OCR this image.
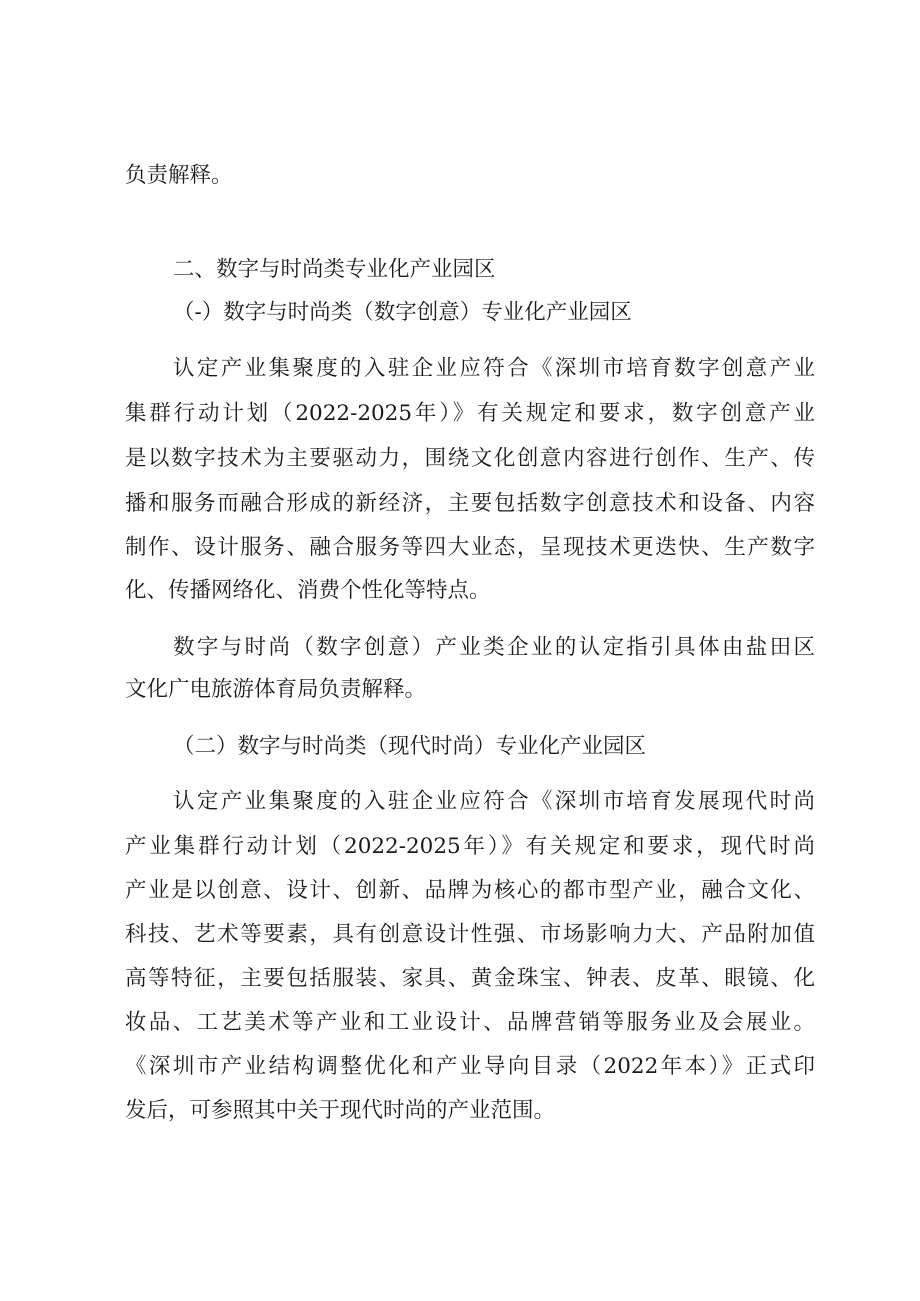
负责解释。
二、数字与时尚类专业化产业园区
（-）数字与时尚类（数字创意）专业化产业园区
认定产业集聚度的入驻企业应符合《深圳市培育数字创意产业
集群行动计划（2022-2025年）》有关规定和要求，数字创意产业
是以数字技术为主要驱动力，围绕文化创意内容进行创作、生产、传
播和服务而融合形成的新经济，主要包括数字创意技术和设备、内容
制作、设计服务、融合服务等四大业态，呈现技术更迭快、生产数字
化、传播网络化、消费个性化等特点。
数字与时尚（数字创意）产业类企业的认定指引具体由盐田区
文化广电旅游体育局负责解释。
（二）数字与时尚类（现代时尚）专业化产业园区
认定产业集聚度的入驻企业应符合《深圳市培育发展现代时尚
产业集群行动计划（2022-2025年）》有关规定和要求，现代时尚
产业是以创意、设计、创新、品牌为核心的都市型产业，融合文化、
科技、艺术等要素，具有创意设计性强、市场影响力大、产品附加值
高等特征，主要包括服装、家具、黄金珠宝、钟表、皮革、眼镜、化
妆品、工艺美术等产业和工业设计、品牌营销等服务业及会展业。
《深圳市产业结构调整优化和产业导向目录（2022年本）》正式印
发后，可参照其中关于现代时尚的产业范围。
